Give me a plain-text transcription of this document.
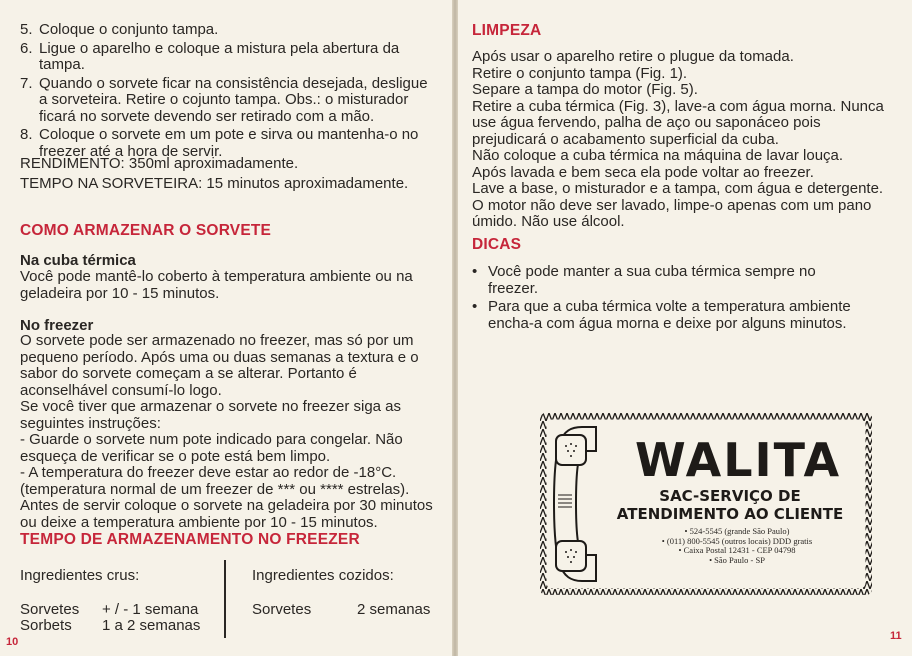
5. Coloque o conjunto tampa.
6. Ligue o aparelho e coloque a mistura pela abertura da tampa.
7. Quando o sorvete ficar na consistência desejada, desligue a sorveteira. Retire o cojunto tampa. Obs.: o misturador ficará no sorvete devendo ser retirado com a mão.
8. Coloque o sorvete em um pote e sirva ou mantenha-o no freezer até a hora de servir.
RENDIMENTO: 350ml aproximadamente.
TEMPO NA SORVETEIRA: 15 minutos aproximadamente.
COMO ARMAZENAR O SORVETE
Na cuba térmica
Você pode mantê-lo coberto à temperatura ambiente ou na geladeira por 10 - 15 minutos.
No freezer
O sorvete pode ser armazenado no freezer, mas só por um
pequeno período. Após uma ou duas semanas a textura e o
sabor do sorvete começam a se alterar. Portanto é
aconselhável consumí-lo logo.
Se você tiver que armazenar o sorvete no freezer siga as
seguintes instruções:
- Guarde o sorvete num pote indicado para congelar. Não
esqueça de verificar se o pote está bem limpo.
- A temperatura do freezer deve estar ao redor de -18°C.
(temperatura normal de um freezer de *** ou **** estrelas).
Antes de servir coloque o sorvete na geladeira por 30 minutos
ou deixe a temperatura ambiente por 10 - 15 minutos.
TEMPO DE ARMAZENAMENTO NO FREEZER
Ingredientes crus:
Sorvetes + / - 1 semana
Sorbets 1 a 2 semanas
Ingredientes cozidos:
Sorvetes	2 semanas
10
LIMPEZA
Após usar o aparelho retire o plugue da tomada.
Retire o conjunto tampa (Fig. 1).
Separe a tampa do motor (Fig. 5).
Retire a cuba térmica (Fig. 3), lave-a com água morna. Nunca
use água fervendo, palha de aço ou saponáceo pois
prejudicará o acabamento superficial da cuba.
Não coloque a cuba térmica na máquina de lavar louça.
Após lavada e bem seca ela pode voltar ao freezer.
Lave a base, o misturador e a tampa, com água e detergente.
O motor não deve ser lavado, limpe-o apenas com um pano
úmido. Não use álcool.
DICAS
• Você pode manter a sua cuba térmica sempre no freezer.
• Para que a cuba térmica volte a temperatura ambiente encha-a com água morna e deixe por alguns minutos.
WALITA
SAC-SERVIÇO DE
ATENDIMENTO AO CLIENTE
• 524-5545 (grande São Paulo)
• (011) 800-5545 (outros locais) DDD gratis
• Caixa Postal 12431 - CEP 04798
• São Paulo - SP
11
